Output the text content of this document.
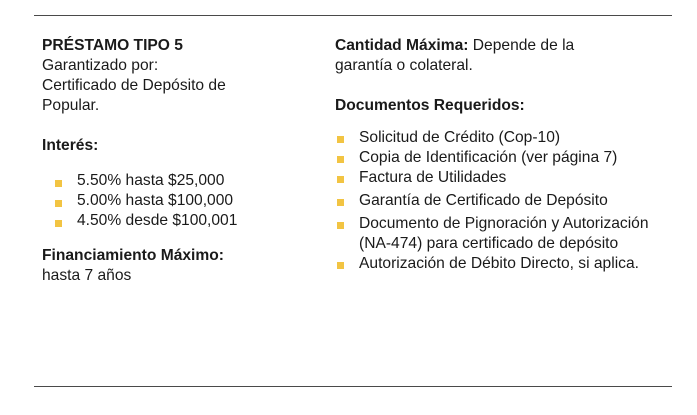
PRÉSTAMO TIPO 5
Garantizado por:
Certificado de Depósito de
Popular.
Interés:
5.50% hasta $25,000
5.00% hasta $100,000
4.50% desde $100,001
Financiamiento Máximo:
hasta 7 años
Cantidad Máxima: Depende de la
garantía o colateral.
Documentos Requeridos:
Solicitud de Crédito (Cop-10)
Copia de Identificación (ver página 7)
Factura de Utilidades
Garantía de Certificado de Depósito
Documento de Pignoración y Autorización (NA-474) para certificado de depósito
Autorización de Débito Directo, si aplica.
